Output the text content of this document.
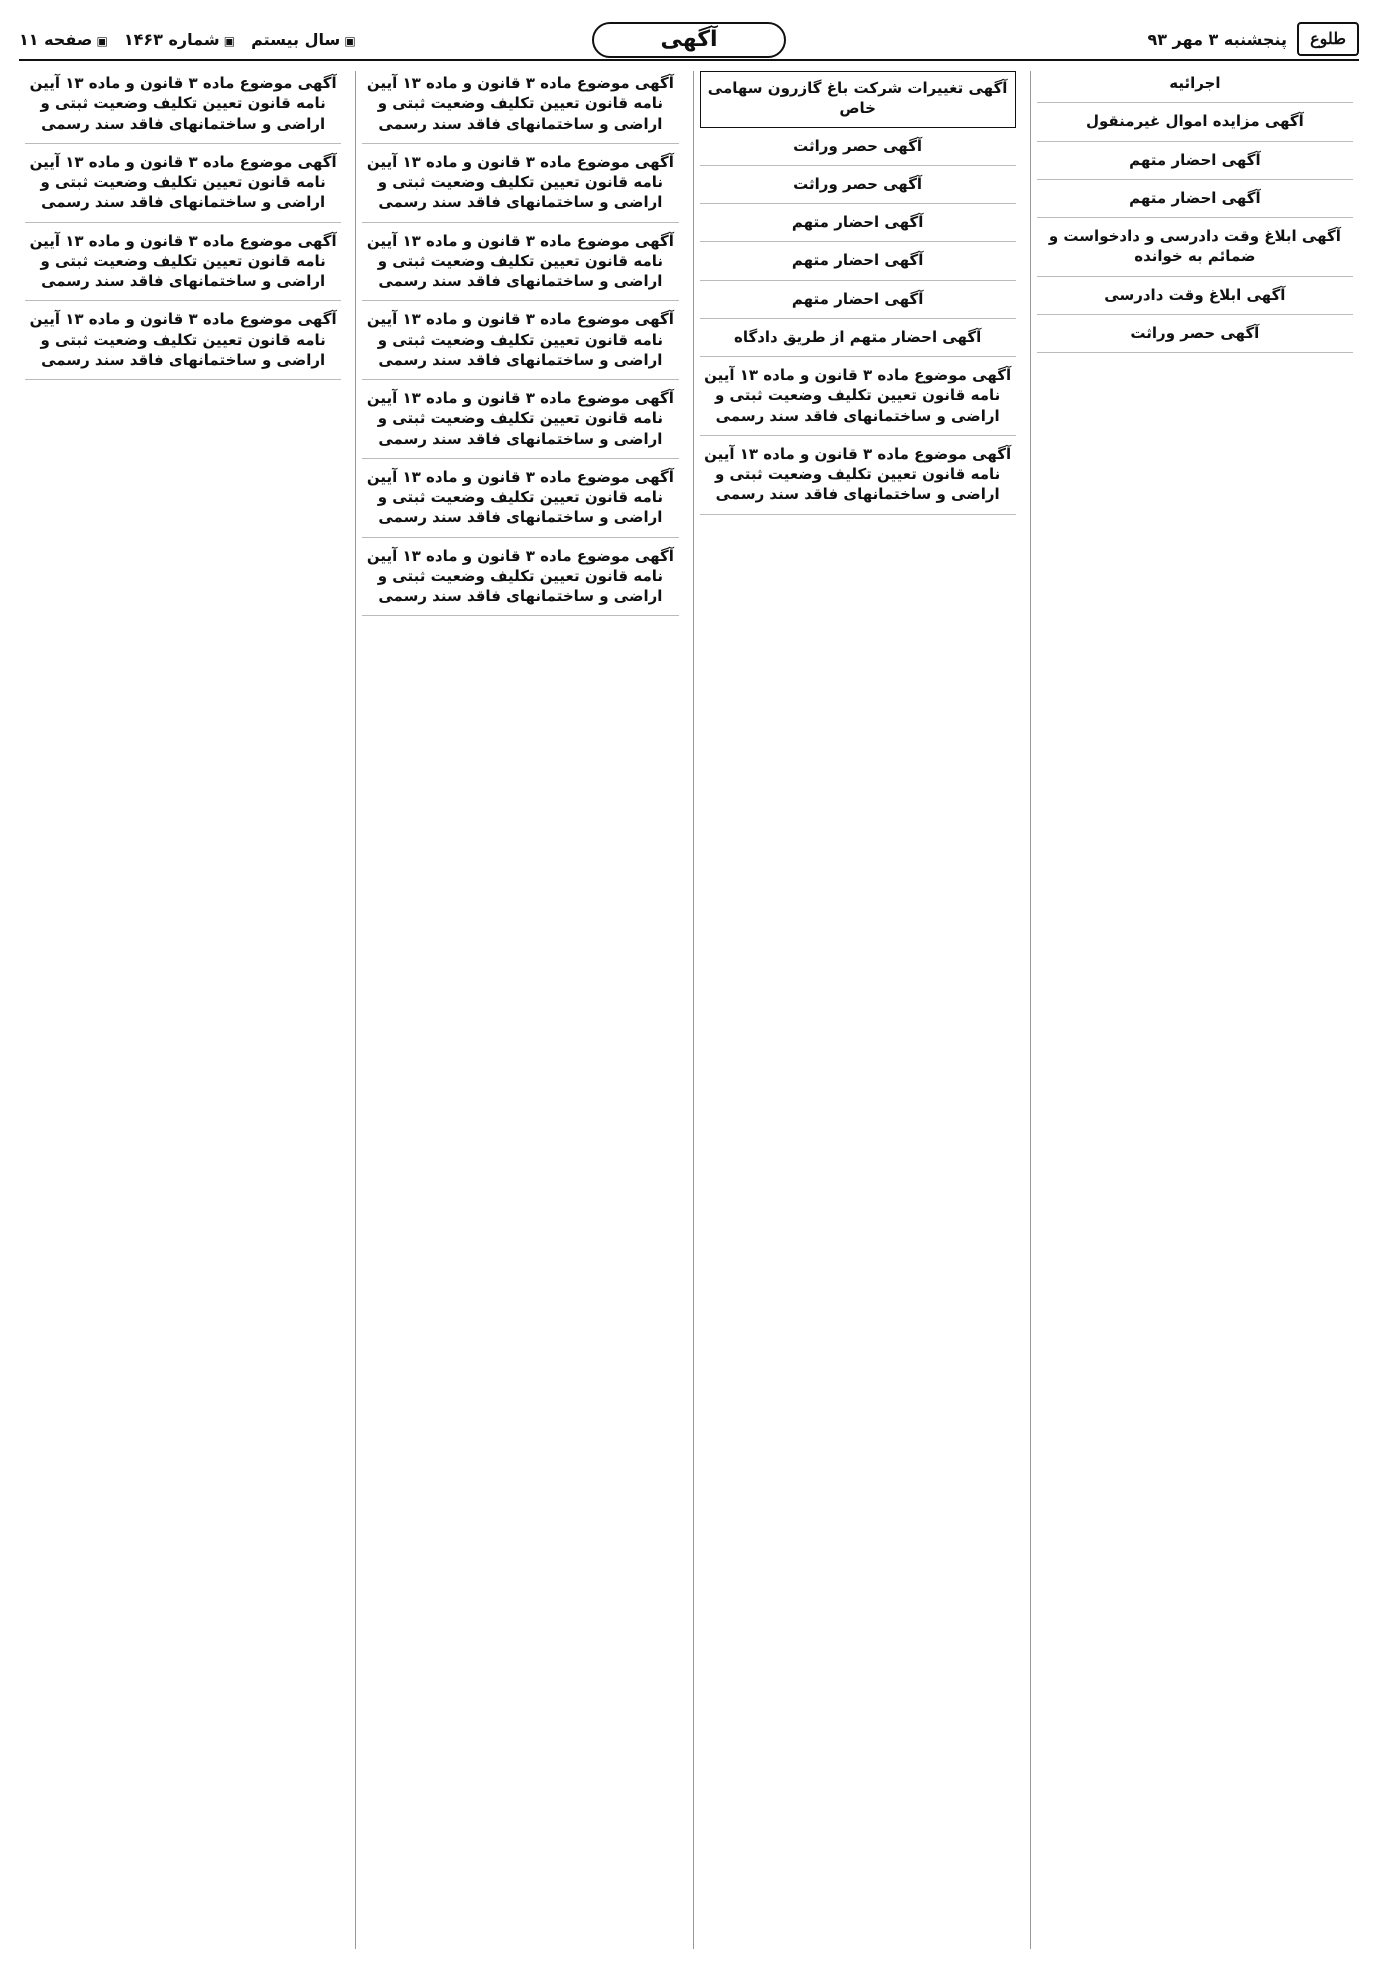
طلوع
پنجشنبه ۳ مهر ۹۳
آگهی
▣ سال بیستم
▣ شماره ۱۴۶۳
▣ صفحه ۱۱
اجرائیه
آگهی مزایده اموال غیرمنقول
آگهی احضار متهم
آگهی احضار متهم
آگهی ابلاغ وقت دادرسی و دادخواست و ضمائم به خوانده
آگهی ابلاغ وقت دادرسی
آگهی حصر وراثت
آگهی تغییرات شرکت باغ گازرون سهامی خاص
آگهی حصر وراثت
آگهی حصر وراثت
آگهی احضار متهم
آگهی احضار متهم
آگهی احضار متهم
آگهی احضار متهم از طریق دادگاه
آگهی موضوع ماده ۳ قانون و ماده ۱۳ آیین نامه قانون تعیین تکلیف وضعیت ثبتی و اراضی و ساختمانهای فاقد سند رسمی
آگهی موضوع ماده ۳ قانون و ماده ۱۳ آیین نامه قانون تعیین تکلیف وضعیت ثبتی و اراضی و ساختمانهای فاقد سند رسمی
آگهی موضوع ماده ۳ قانون و ماده ۱۳ آیین نامه قانون تعیین تکلیف وضعیت ثبتی و اراضی و ساختمانهای فاقد سند رسمی
آگهی موضوع ماده ۳ قانون و ماده ۱۳ آیین نامه قانون تعیین تکلیف وضعیت ثبتی و اراضی و ساختمانهای فاقد سند رسمی
آگهی موضوع ماده ۳ قانون و ماده ۱۳ آیین نامه قانون تعیین تکلیف وضعیت ثبتی و اراضی و ساختمانهای فاقد سند رسمی
آگهی موضوع ماده ۳ قانون و ماده ۱۳ آیین نامه قانون تعیین تکلیف وضعیت ثبتی و اراضی و ساختمانهای فاقد سند رسمی
آگهی موضوع ماده ۳ قانون و ماده ۱۳ آیین نامه قانون تعیین تکلیف وضعیت ثبتی و اراضی و ساختمانهای فاقد سند رسمی
آگهی موضوع ماده ۳ قانون و ماده ۱۳ آیین نامه قانون تعیین تکلیف وضعیت ثبتی و اراضی و ساختمانهای فاقد سند رسمی
آگهی موضوع ماده ۳ قانون و ماده ۱۳ آیین نامه قانون تعیین تکلیف وضعیت ثبتی و اراضی و ساختمانهای فاقد سند رسمی
آگهی موضوع ماده ۳ قانون و ماده ۱۳ آیین نامه قانون تعیین تکلیف وضعیت ثبتی و اراضی و ساختمانهای فاقد سند رسمی
آگهی موضوع ماده ۳ قانون و ماده ۱۳ آیین نامه قانون تعیین تکلیف وضعیت ثبتی و اراضی و ساختمانهای فاقد سند رسمی
آگهی موضوع ماده ۳ قانون و ماده ۱۳ آیین نامه قانون تعیین تکلیف وضعیت ثبتی و اراضی و ساختمانهای فاقد سند رسمی
آگهی موضوع ماده ۳ قانون و ماده ۱۳ آیین نامه قانون تعیین تکلیف وضعیت ثبتی و اراضی و ساختمانهای فاقد سند رسمی
